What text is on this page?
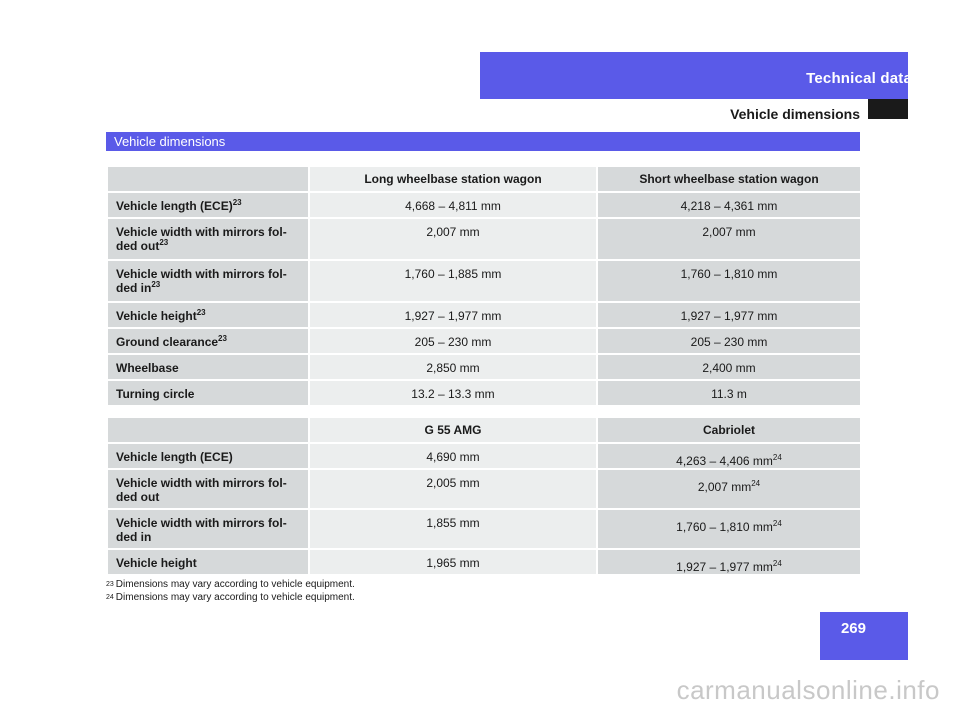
Technical data
Vehicle dimensions
Vehicle dimensions
	Long wheelbase station wagon	Short wheelbase station wagon
Vehicle length (ECE)$^{23}$	4,668 – 4,811 mm	4,218 – 4,361 mm
Vehicle width with mirrors fol-ded out$^{23}$	2,007 mm	2,007 mm
Vehicle width with mirrors fol-ded $in^{23}$	1,760 – 1,885 mm	1,760 – 1,810 mm
Vehicle height$^{23}$	1,927 – 1,977 mm	1,927 – 1,977 mm
Ground clearance$^{23}$	205 – 230 mm	205 – 230 mm
Wheelbase	2,850 mm	2,400 mm
Turning circle	13.2 – 13.3 mm	11.3 m
	G 55 AMG	Cabriolet
Vehicle length (ECE)	4,690 mm	4,263 – 4,406 $mm^{24}$
Vehicle width with mirrors fol-ded out	2,005 mm	2,007 $mm^{24}$
Vehicle width with mirrors fol-ded in	1,855 mm	1,760 – 1,810 $mm^{24}$
Vehicle height	1,965 mm	1,927 – 1,977 $mm^{24}$
$^{23}$ Dimensions may vary according to vehicle equipment.
$^{24}$ Dimensions may vary according to vehicle equipment.
269
carmanualsonline.info
